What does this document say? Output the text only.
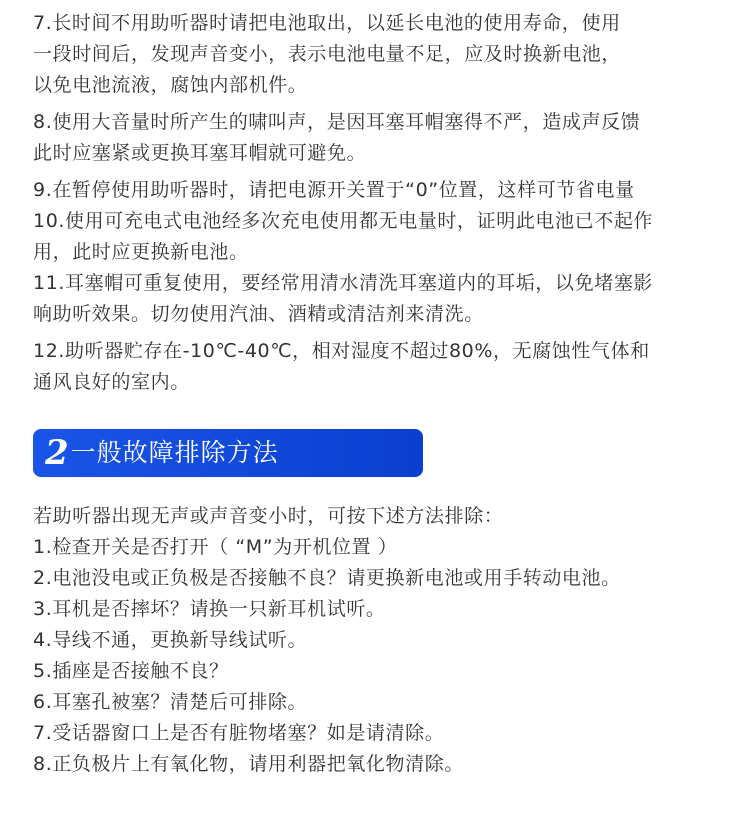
7.长时间不用助听器时请把电池取出，以延长电池的使用寿命，使用
一段时间后，发现声音变小，表示电池电量不足，应及时换新电池，
以免电池流液，腐蚀内部机件。
8.使用大音量时所产生的啸叫声，是因耳塞耳帽塞得不严，造成声反馈
此时应塞紧或更换耳塞耳帽就可避免。
9.在暂停使用助听器时，请把电源开关置于“0”位置，这样可节省电量
10.使用可充电式电池经多次充电使用都无电量时，证明此电池已不起作
用，此时应更换新电池。
11.耳塞帽可重复使用，要经常用清水清洗耳塞道内的耳垢，以免堵塞影
响助听效果。切勿使用汽油、酒精或清洁剂来清洗。
12.助听器贮存在-10℃-40℃，相对湿度不超过80%，无腐蚀性气体和
通风良好的室内。
2 一般故障排除方法
若助听器出现无声或声音变小时，可按下述方法排除：
1.检查开关是否打开（ “M”为开机位置 ）
2.电池没电或正负极是否接触不良？请更换新电池或用手转动电池。
3.耳机是否摔坏？请换一只新耳机试听。
4.导线不通，更换新导线试听。
5.插座是否接触不良？
6.耳塞孔被塞？清楚后可排除。
7.受话器窗口上是否有脏物堵塞？如是请清除。
8.正负极片上有氧化物，请用利器把氧化物清除。
